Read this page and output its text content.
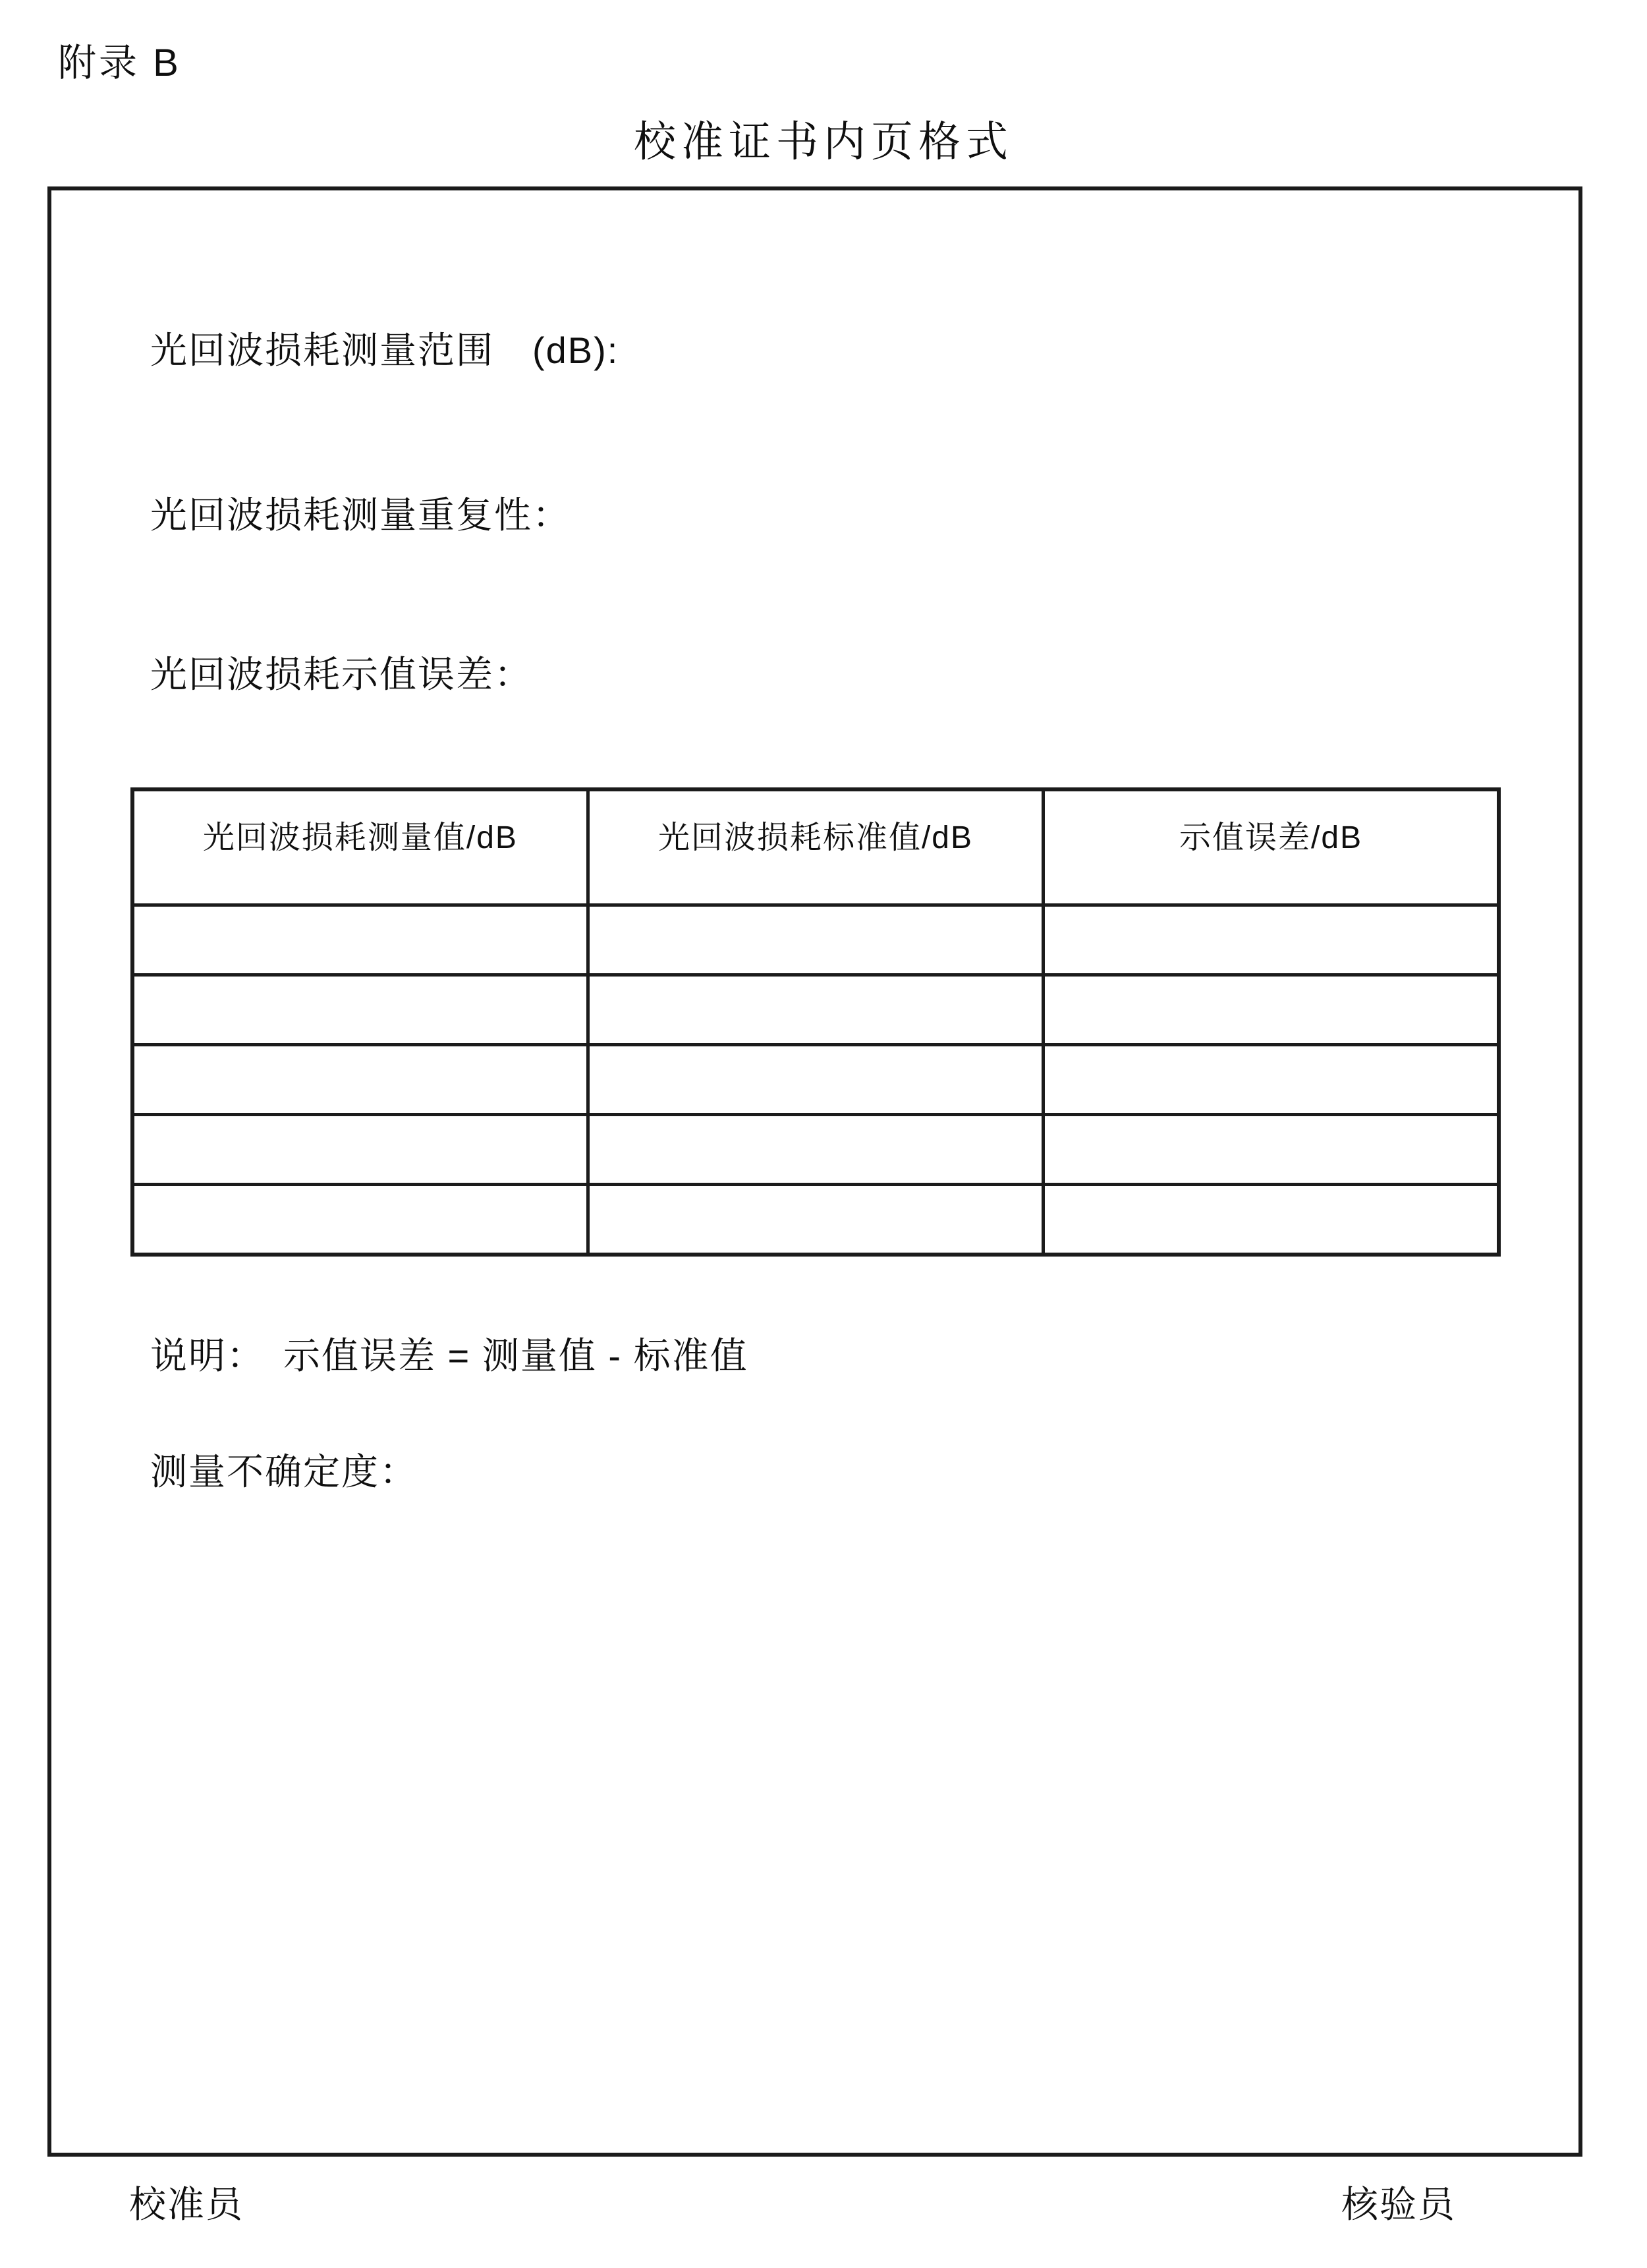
附录 B
校准证书内页格式
光回波损耗测量范围　(dB):
光回波损耗测量重复性：
光回波损耗示值误差：
光回波损耗测量值/dB	光回波损耗标准值/dB	示值误差/dB

说明： 示值误差 = 测量值 - 标准值
测量不确定度：
校准员	核验员
